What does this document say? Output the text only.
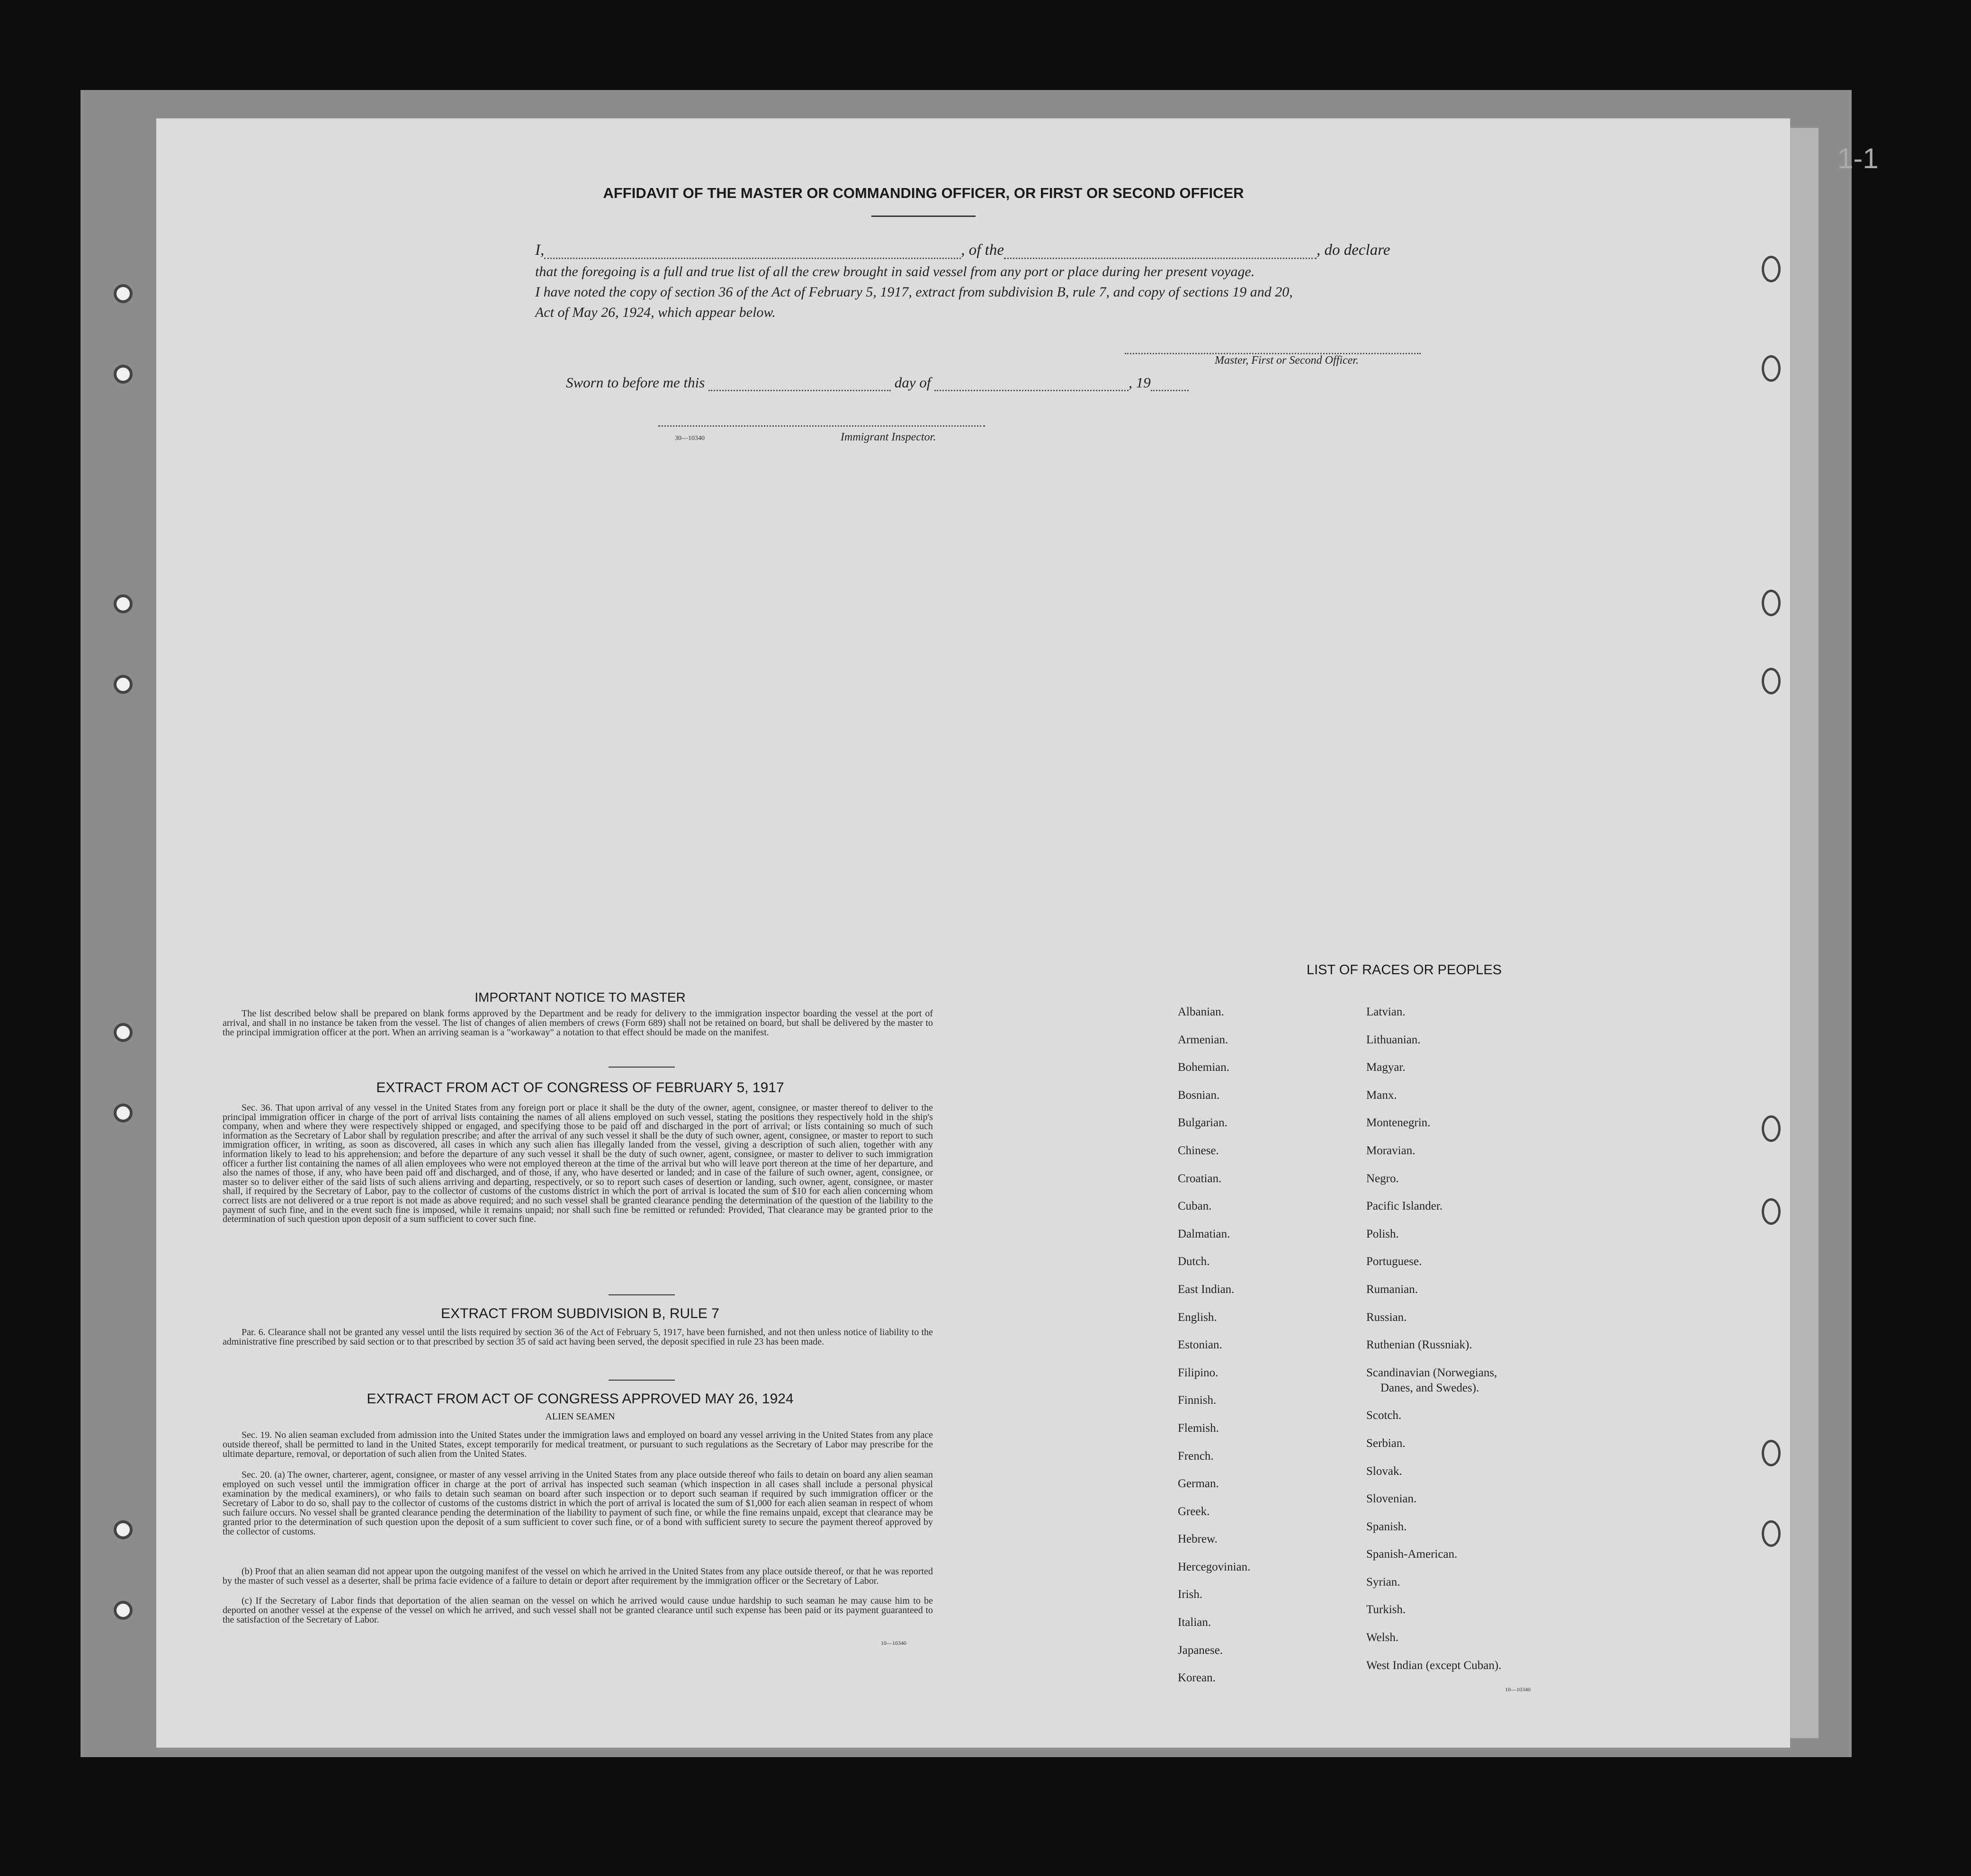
1-1
AFFIDAVIT OF THE MASTER OR COMMANDING OFFICER, OR FIRST OR SECOND OFFICER
I,	, of the	, do declare
that the foregoing is a full and true list of all the crew brought in said vessel from any port or place during her present voyage.
I have noted the copy of section 36 of the Act of February 5, 1917, extract from subdivision B, rule 7, and copy of sections 19 and 20,
Act of May 26, 1924, which appear below.
Master, First or Second Officer.
Sworn to before me this	day of	, 19
30—10340	Immigrant Inspector.
IMPORTANT NOTICE TO MASTER
The list described below shall be prepared on blank forms approved by the Department and be ready for delivery to the immigration inspector boarding the vessel at the port of arrival, and shall in no instance be taken from the vessel. The list of changes of alien members of crews (Form 689) shall not be retained on board, but shall be delivered by the master to the principal immigration officer at the port. When an arriving seaman is a "workaway" a notation to that effect should be made on the manifest.
EXTRACT FROM ACT OF CONGRESS OF FEBRUARY 5, 1917
Sec. 36. That upon arrival of any vessel in the United States from any foreign port or place it shall be the duty of the owner, agent, consignee, or master thereof to deliver to the principal immigration officer in charge of the port of arrival lists containing the names of all aliens employed on such vessel, stating the positions they respectively hold in the ship's company, when and where they were respectively shipped or engaged, and specifying those to be paid off and discharged in the port of arrival; or lists containing so much of such information as the Secretary of Labor shall by regulation prescribe; and after the arrival of any such vessel it shall be the duty of such owner, agent, consignee, or master to report to such immigration officer, in writing, as soon as discovered, all cases in which any such alien has illegally landed from the vessel, giving a description of such alien, together with any information likely to lead to his apprehension; and before the departure of any such vessel it shall be the duty of such owner, agent, consignee, or master to deliver to such immigration officer a further list containing the names of all alien employees who were not employed thereon at the time of the arrival but who will leave port thereon at the time of her departure, and also the names of those, if any, who have been paid off and discharged, and of those, if any, who have deserted or landed; and in case of the failure of such owner, agent, consignee, or master so to deliver either of the said lists of such aliens arriving and departing, respectively, or so to report such cases of desertion or landing, such owner, agent, consignee, or master shall, if required by the Secretary of Labor, pay to the collector of customs of the customs district in which the port of arrival is located the sum of $10 for each alien concerning whom correct lists are not delivered or a true report is not made as above required; and no such vessel shall be granted clearance pending the determination of the question of the liability to the payment of such fine, and in the event such fine is imposed, while it remains unpaid; nor shall such fine be remitted or refunded: Provided, That clearance may be granted prior to the determination of such question upon deposit of a sum sufficient to cover such fine.
EXTRACT FROM SUBDIVISION B, RULE 7
Par. 6. Clearance shall not be granted any vessel until the lists required by section 36 of the Act of February 5, 1917, have been furnished, and not then unless notice of liability to the administrative fine prescribed by said section or to that prescribed by section 35 of said act having been served, the deposit specified in rule 23 has been made.
EXTRACT FROM ACT OF CONGRESS APPROVED MAY 26, 1924
ALIEN SEAMEN
Sec. 19. No alien seaman excluded from admission into the United States under the immigration laws and employed on board any vessel arriving in the United States from any place outside thereof, shall be permitted to land in the United States, except temporarily for medical treatment, or pursuant to such regulations as the Secretary of Labor may prescribe for the ultimate departure, removal, or deportation of such alien from the United States.
Sec. 20. (a) The owner, charterer, agent, consignee, or master of any vessel arriving in the United States from any place outside thereof who fails to detain on board any alien seaman employed on such vessel until the immigration officer in charge at the port of arrival has inspected such seaman (which inspection in all cases shall include a personal physical examination by the medical examiners), or who fails to detain such seaman on board after such inspection or to deport such seaman if required by such immigration officer or the Secretary of Labor to do so, shall pay to the collector of customs of the customs district in which the port of arrival is located the sum of $1,000 for each alien seaman in respect of whom such failure occurs. No vessel shall be granted clearance pending the determination of the liability to payment of such fine, or while the fine remains unpaid, except that clearance may be granted prior to the determination of such question upon the deposit of a sum sufficient to cover such fine, or of a bond with sufficient surety to secure the payment thereof approved by the collector of customs.
(b) Proof that an alien seaman did not appear upon the outgoing manifest of the vessel on which he arrived in the United States from any place outside thereof, or that he was reported by the master of such vessel as a deserter, shall be prima facie evidence of a failure to detain or deport after requirement by the immigration officer or the Secretary of Labor.
(c) If the Secretary of Labor finds that deportation of the alien seaman on the vessel on which he arrived would cause undue hardship to such seaman he may cause him to be deported on another vessel at the expense of the vessel on which he arrived, and such vessel shall not be granted clearance until such expense has been paid or its payment guaranteed to the satisfaction of the Secretary of Labor.
10—10340
LIST OF RACES OR PEOPLES
Albanian.
Armenian.
Bohemian.
Bosnian.
Bulgarian.
Chinese.
Croatian.
Cuban.
Dalmatian.
Dutch.
East Indian.
English.
Estonian.
Filipino.
Finnish.
Flemish.
French.
German.
Greek.
Hebrew.
Hercegovinian.
Irish.
Italian.
Japanese.
Korean.
Latvian.
Lithuanian.
Magyar.
Manx.
Montenegrin.
Moravian.
Negro.
Pacific Islander.
Polish.
Portuguese.
Rumanian.
Russian.
Ruthenian (Russniak).
Scandinavian (Norwegians,
Danes, and Swedes).
Scotch.
Serbian.
Slovak.
Slovenian.
Spanish.
Spanish-American.
Syrian.
Turkish.
Welsh.
West Indian (except Cuban).
10—10340
